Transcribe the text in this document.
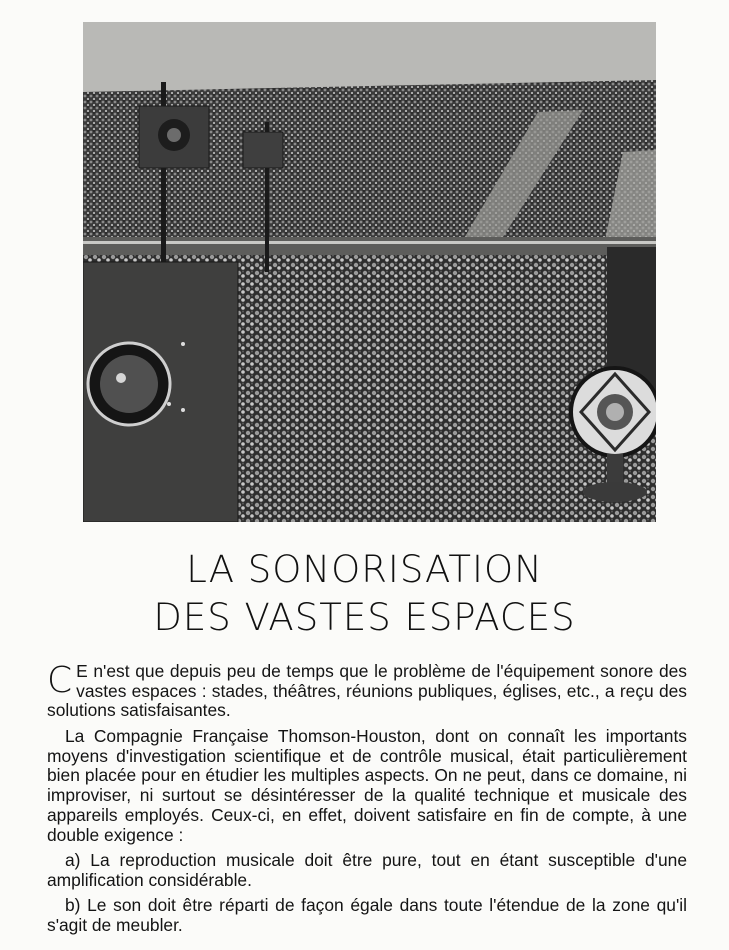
LA SONORISATION
DES VASTES ESPACES
C E n'est que depuis peu de temps que le problème de l'équipement sonore des vastes espaces : stades, théâtres, réunions publiques, églises, etc., a reçu des solutions satisfaisantes.
La Compagnie Française Thomson-Houston, dont on connaît les importants moyens d'investigation scientifique et de contrôle musical, était particulièrement bien placée pour en étudier les multiples aspects. On ne peut, dans ce domaine, ni improviser, ni surtout se désintéresser de la qualité technique et musicale des appareils employés. Ceux-ci, en effet, doivent satisfaire en fin de compte, à une double exigence :
a) La reproduction musicale doit être pure, tout en étant susceptible d'une amplification considérable.
b) Le son doit être réparti de façon égale dans toute l'étendue de la zone qu'il s'agit de meubler.
